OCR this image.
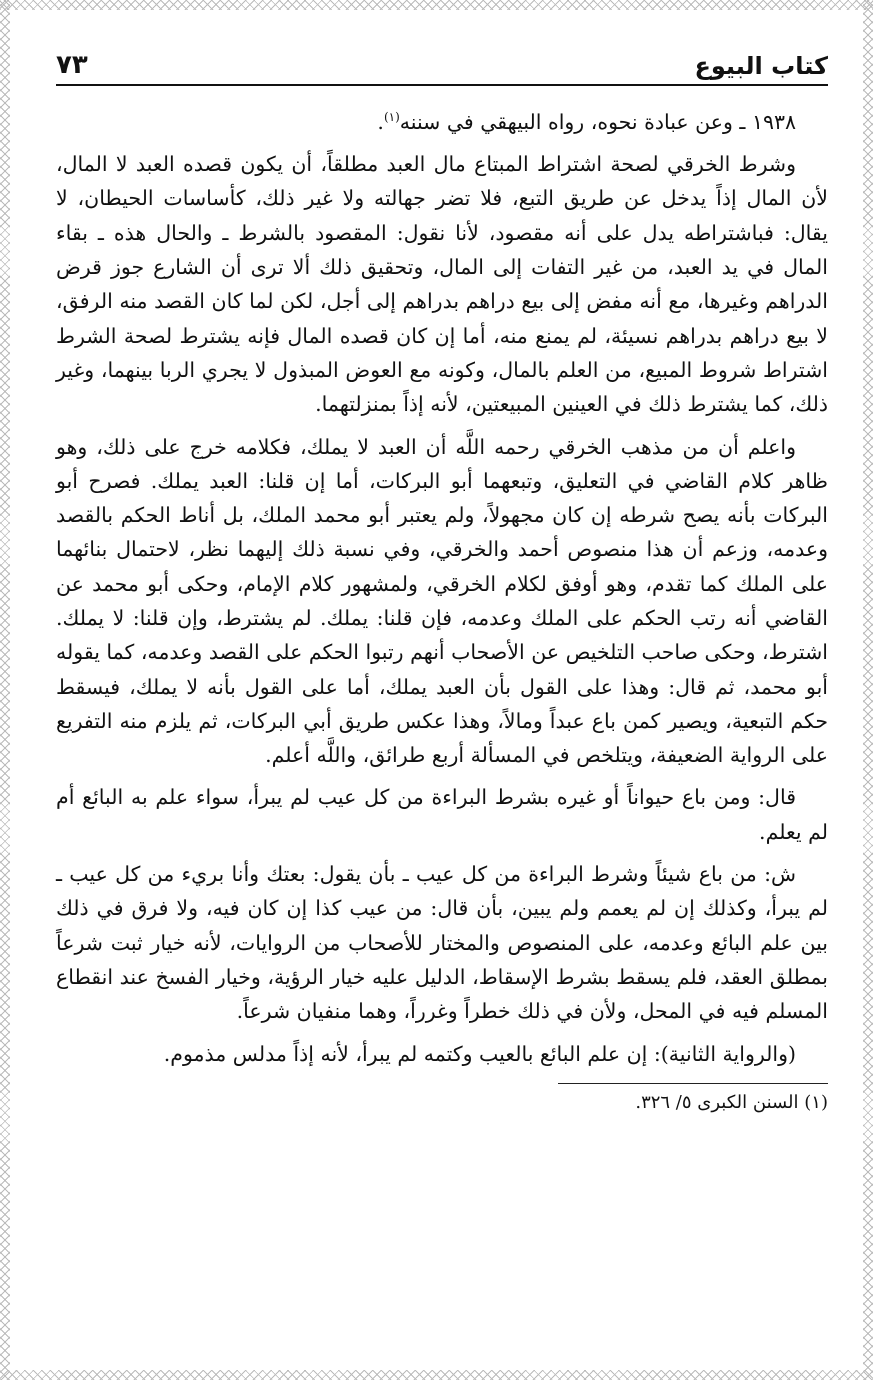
كتاب البيوع
٧٣

١٩٣٨ ـ وعن عبادة نحوه، رواه البيهقي في سننه$^{(١)}$.

وشرط الخرقي لصحة اشتراط المبتاع مال العبد مطلقاً، أن يكون قصده العبد لا المال، لأن المال إذاً يدخل عن طريق التبع، فلا تضر جهالته ولا غير ذلك، كأساسات الحيطان، لا يقال: فباشتراطه يدل على أنه مقصود، لأنا نقول: المقصود بالشرط ـ والحال هذه ـ بقاء المال في يد العبد، من غير التفات إلى المال، وتحقيق ذلك ألا ترى أن الشارع جوز قرض الدراهم وغيرها، مع أنه مفض إلى بيع دراهم بدراهم إلى أجل، لكن لما كان القصد منه الرفق، لا بيع دراهم بدراهم نسيئة، لم يمنع منه، أما إن كان قصده المال فإنه يشترط لصحة الشرط اشتراط شروط المبيع، من العلم بالمال، وكونه مع العوض المبذول لا يجري الربا بينهما، وغير ذلك، كما يشترط ذلك في العينين المبيعتين، لأنه إذاً بمنزلتهما.

واعلم أن من مذهب الخرقي رحمه اللَّه أن العبد لا يملك، فكلامه خرج على ذلك، وهو ظاهر كلام القاضي في التعليق، وتبعهما أبو البركات، أما إن قلنا: العبد يملك. فصرح أبو البركات بأنه يصح شرطه إن كان مجهولاً، ولم يعتبر أبو محمد الملك، بل أناط الحكم بالقصد وعدمه، وزعم أن هذا منصوص أحمد والخرقي، وفي نسبة ذلك إليهما نظر، لاحتمال بنائهما على الملك كما تقدم، وهو أوفق لكلام الخرقي، ولمشهور كلام الإمام، وحكى أبو محمد عن القاضي أنه رتب الحكم على الملك وعدمه، فإن قلنا: يملك. لم يشترط، وإن قلنا: لا يملك. اشترط، وحكى صاحب التلخيص عن الأصحاب أنهم رتبوا الحكم على القصد وعدمه، كما يقوله أبو محمد، ثم قال: وهذا على القول بأن العبد يملك، أما على القول بأنه لا يملك، فيسقط حكم التبعية، ويصير كمن باع عبداً ومالاً، وهذا عكس طريق أبي البركات، ثم يلزم منه التفريع على الرواية الضعيفة، ويتلخص في المسألة أربع طرائق، واللَّه أعلم.

قال: ومن باع حيواناً أو غيره بشرط البراءة من كل عيب لم يبرأ، سواء علم به البائع أم لم يعلم.

ش: من باع شيئاً وشرط البراءة من كل عيب ـ بأن يقول: بعتك وأنا بريء من كل عيب ـ لم يبرأ، وكذلك إن لم يعمم ولم يبين، بأن قال: من عيب كذا إن كان فيه، ولا فرق في ذلك بين علم البائع وعدمه، على المنصوص والمختار للأصحاب من الروايات، لأنه خيار ثبت شرعاً بمطلق العقد، فلم يسقط بشرط الإسقاط، الدليل عليه خيار الرؤية، وخيار الفسخ عند انقطاع المسلم فيه في المحل، ولأن في ذلك خطراً وغرراً، وهما منفيان شرعاً.

(والرواية الثانية): إن علم البائع بالعيب وكتمه لم يبرأ، لأنه إذاً مدلس مذموم.

(١) السنن الكبرى ٥/ ٣٢٦.
